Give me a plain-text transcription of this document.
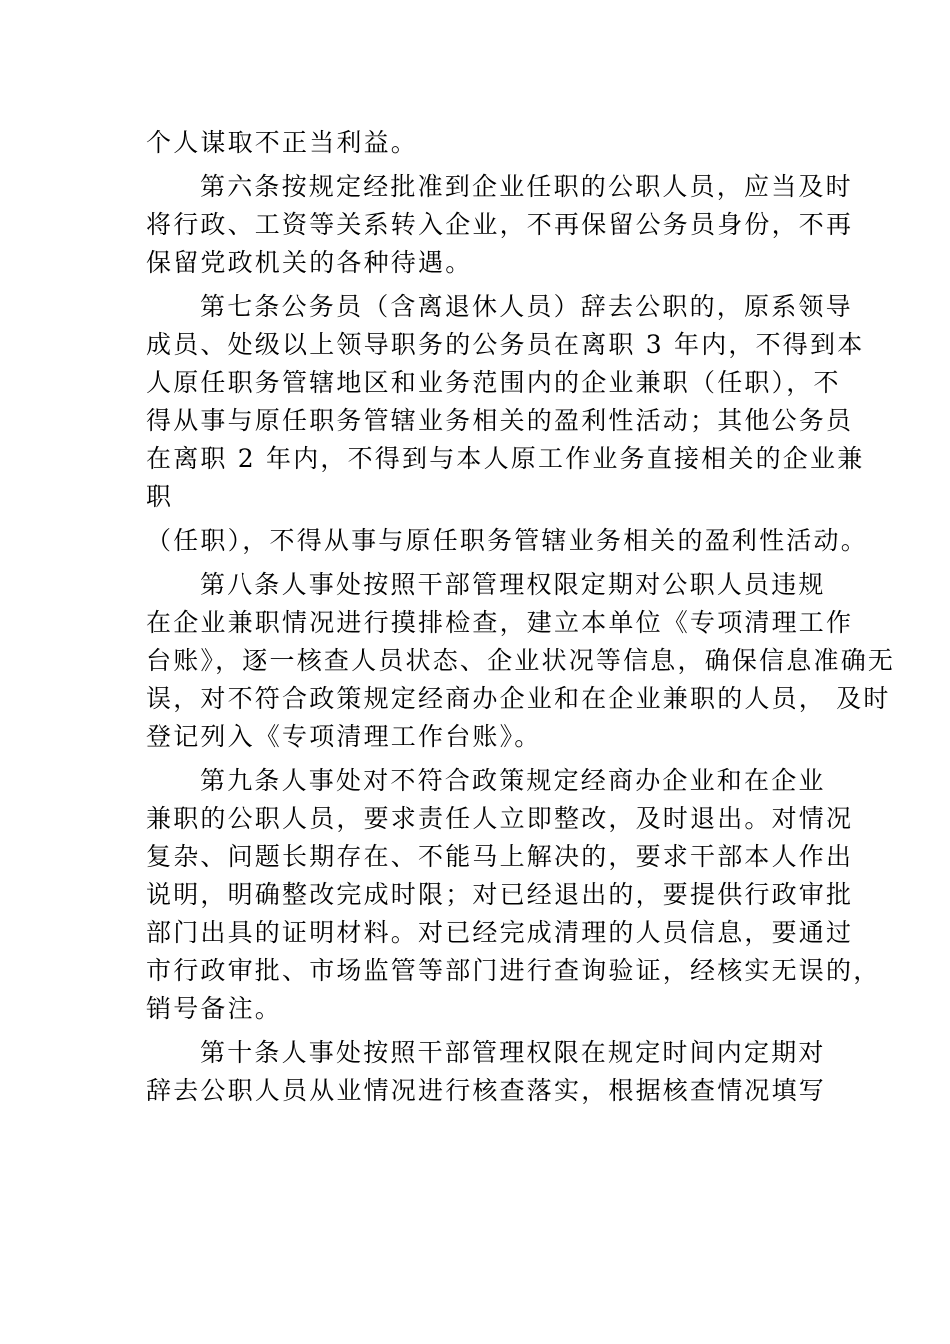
个人谋取不正当利益。
第六条按规定经批准到企业任职的公职人员，应当及时
将行政、工资等关系转入企业，不再保留公务员身份，不再
保留党政机关的各种待遇。
第七条公务员（含离退休人员）辞去公职的，原系领导
成员、处级以上领导职务的公务员在离职 3 年内，不得到本
人原任职务管辖地区和业务范围内的企业兼职（任职），不
得从事与原任职务管辖业务相关的盈利性活动；其他公务员
在离职 2 年内，不得到与本人原工作业务直接相关的企业兼
职
（任职），不得从事与原任职务管辖业务相关的盈利性活动。
第八条人事处按照干部管理权限定期对公职人员违规
在企业兼职情况进行摸排检查，建立本单位《专项清理工作
台账》，逐一核查人员状态、企业状况等信息，确保信息准确无
误，对不符合政策规定经商办企业和在企业兼职的人员， 及时
登记列入《专项清理工作台账》。
第九条人事处对不符合政策规定经商办企业和在企业
兼职的公职人员，要求责任人立即整改，及时退出。对情况
复杂、问题长期存在、不能马上解决的，要求干部本人作出
说明，明确整改完成时限；对已经退出的，要提供行政审批
部门出具的证明材料。对已经完成清理的人员信息，要通过
市行政审批、市场监管等部门进行查询验证，经核实无误的，
销号备注。
第十条人事处按照干部管理权限在规定时间内定期对
辞去公职人员从业情况进行核查落实，根据核查情况填写
